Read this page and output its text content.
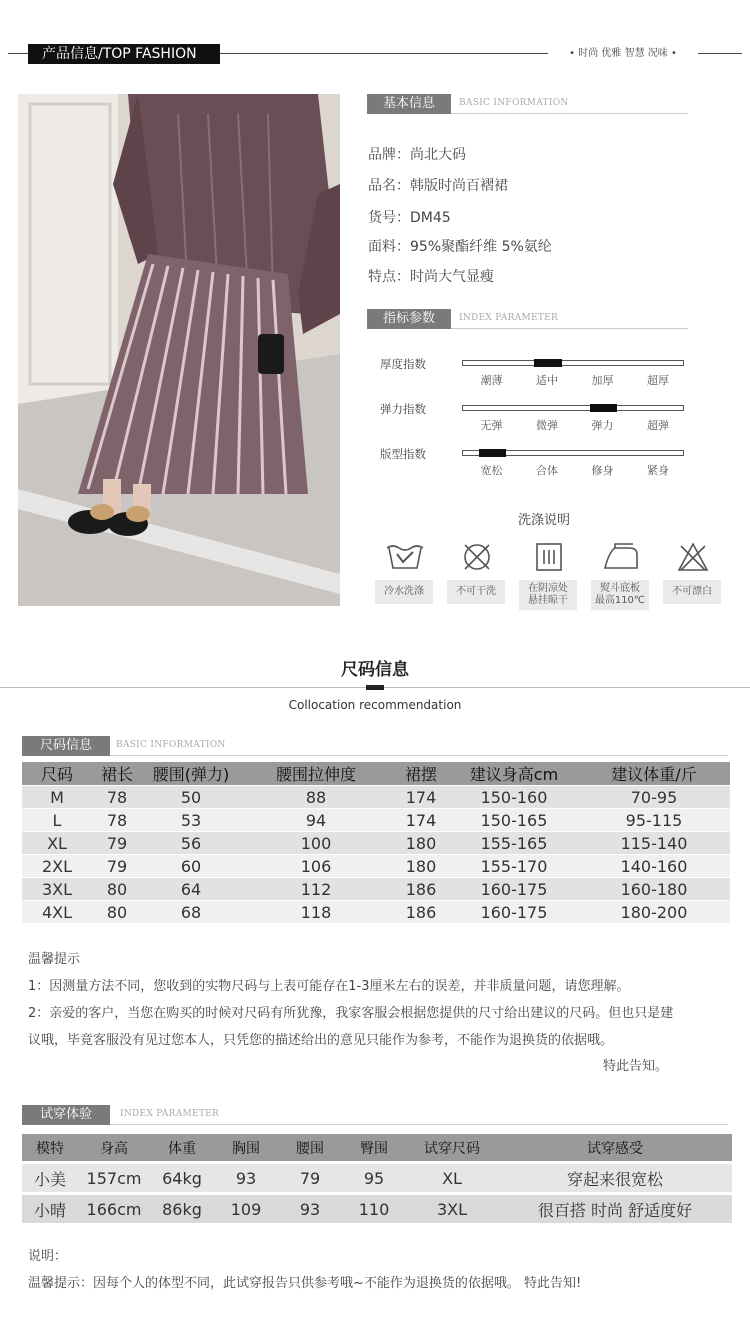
产品信息/TOP FASHION	• 时尚 优雅 智慧 况味 •
基本信息	BASIC INFORMATION
品牌：尚北大码
品名：韩版时尚百褶裙
货号：DM45
面料：95%聚酯纤维 5%氨纶
特点：时尚大气显瘦
指标参数	INDEX PARAMETER
厚度指数
潮薄	适中	加厚	超厚
弹力指数
无弹	微弹	弹力	超弹
版型指数
宽松	合体	修身	紧身
洗涤说明
冷水洗涤	不可干洗	在阴凉处
悬挂晾干
熨斗底板
最高110℃
不可漂白
尺码信息
Collocation recommendation
尺码信息	BASIC INFORMATION
尺码	裙长	腰围(弹力)	腰围拉伸度	裙摆	建议身高cm	建议体重/斤
M	78	50	88	174	150-160	70-95
L	78	53	94	174	150-165	95-115
XL	79	56	100	180	155-165	115-140
2XL	79	60	106	180	155-170	140-160
3XL	80	64	112	186	160-175	160-180
4XL	80	68	118	186	160-175	180-200
温馨提示
1：因测量方法不同，您收到的实物尺码与上表可能存在1-3厘米左右的误差，并非质量问题，请您理解。
2：亲爱的客户，当您在购买的时候对尺码有所犹豫，我家客服会根据您提供的尺寸给出建议的尺码。但也只是建
议哦，毕竟客服没有见过您本人，只凭您的描述给出的意见只能作为参考，不能作为退换货的依据哦。
特此告知。
试穿体验	INDEX PARAMETER
模特	身高	体重	胸围	腰围	臀围	试穿尺码	试穿感受
小美	157cm	64kg	93	79	95	XL	穿起来很宽松
小晴	166cm	86kg	109	93	110	3XL	很百搭 时尚 舒适度好
说明：
温馨提示：因每个人的体型不同，此试穿报告只供参考哦~不能作为退换货的依据哦。 特此告知!
